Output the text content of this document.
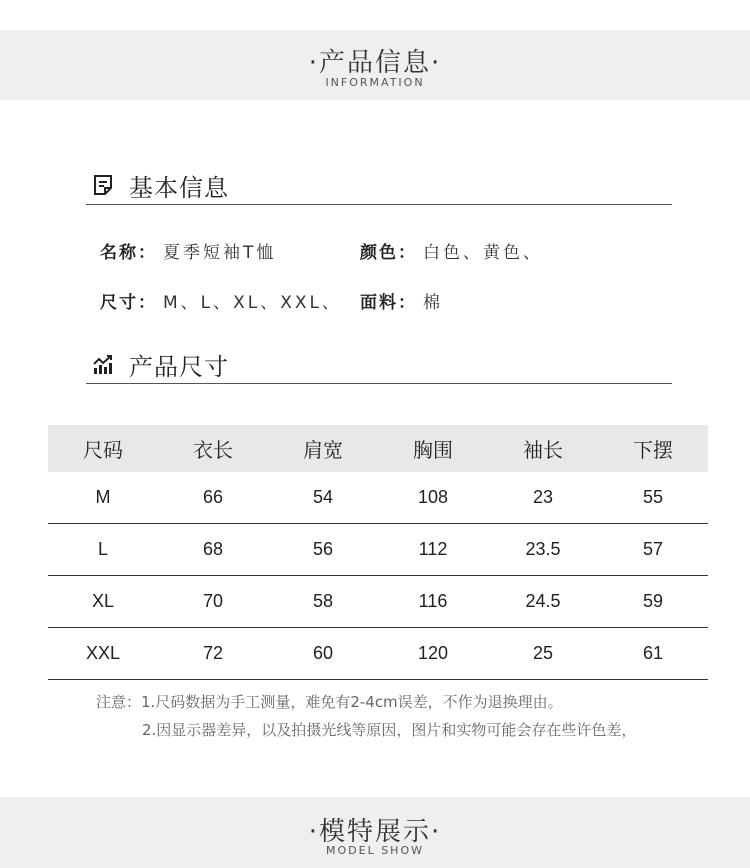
·产品信息·
INFORMATION
基本信息
名称： 夏季短袖T恤	颜色： 白色、黄色、
尺寸： M、L、XL、XXL、 面料： 棉
产品尺寸
尺码	衣长	肩宽	胸围	袖长	下摆
M	66	54	108	23	55
L	68	56	112	23.5	57
XL	70	58	116	24.5	59
XXL	72	60	120	25	61
注意：1.尺码数据为手工测量，难免有2-4cm误差，不作为退换理由。
2.因显示器差异，以及拍摄光线等原因，图片和实物可能会存在些许色差，
·模特展示·
MODEL SHOW
